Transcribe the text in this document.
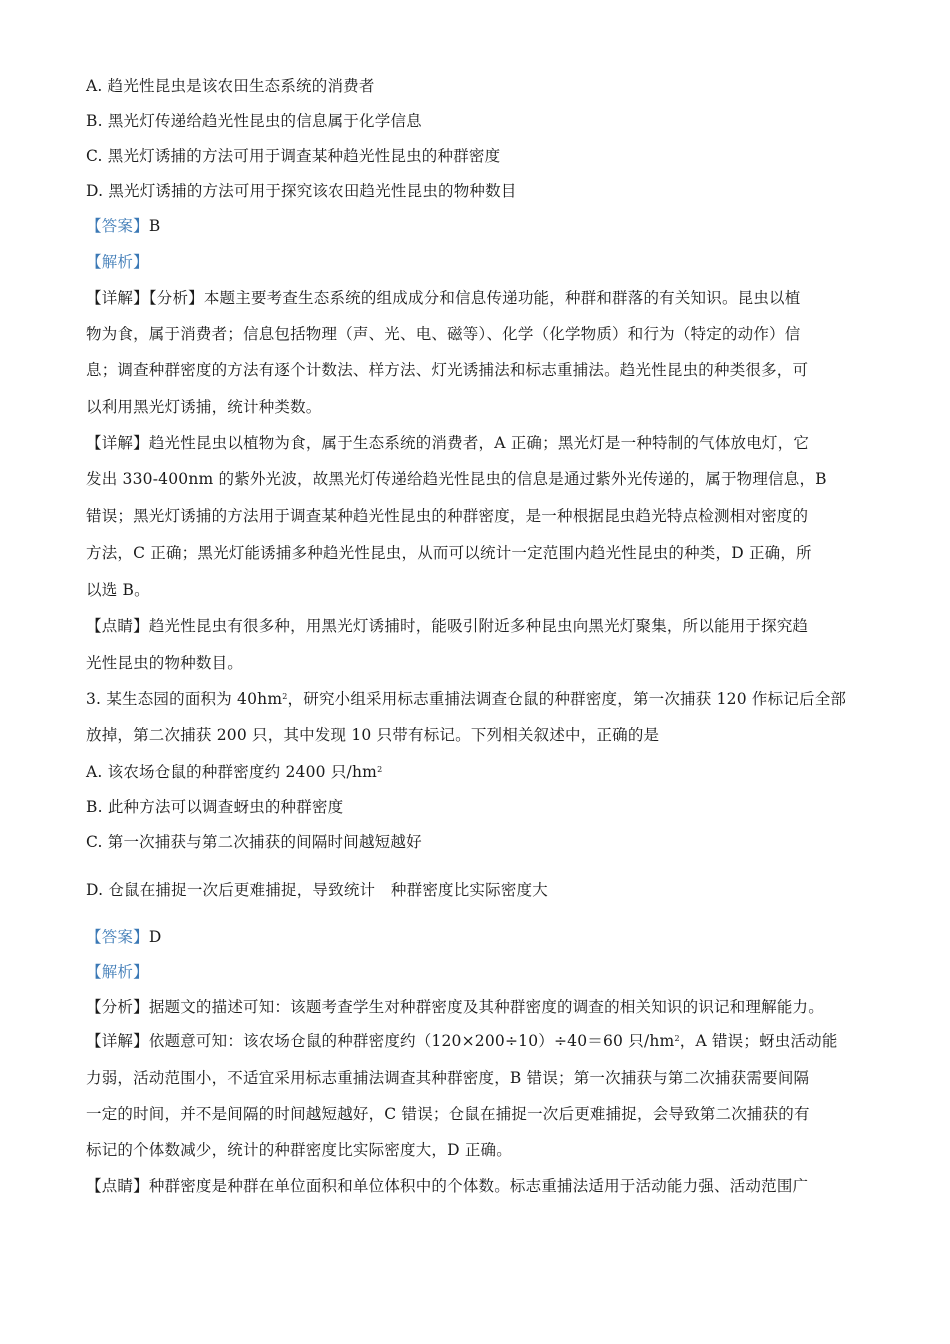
A. 趋光性昆虫是该农田生态系统的消费者
B. 黑光灯传递给趋光性昆虫的信息属于化学信息
C. 黑光灯诱捕的方法可用于调查某种趋光性昆虫的种群密度
D. 黑光灯诱捕的方法可用于探究该农田趋光性昆虫的物种数目
【答案】B
【解析】
【详解】【分析】本题主要考查生态系统的组成成分和信息传递功能，种群和群落的有关知识。昆虫以植
物为食，属于消费者；信息包括物理（声、光、电、磁等）、化学（化学物质）和行为（特定的动作）信
息；调查种群密度的方法有逐个计数法、样方法、灯光诱捕法和标志重捕法。趋光性昆虫的种类很多，可
以利用黑光灯诱捕，统计种类数。
【详解】趋光性昆虫以植物为食，属于生态系统的消费者，A 正确；黑光灯是一种特制的气体放电灯，它
发出 330-400nm 的紫外光波，故黑光灯传递给趋光性昆虫的信息是通过紫外光传递的，属于物理信息，B
错误；黑光灯诱捕的方法用于调查某种趋光性昆虫的种群密度，是一种根据昆虫趋光特点检测相对密度的
方法，C 正确；黑光灯能诱捕多种趋光性昆虫，从而可以统计一定范围内趋光性昆虫的种类，D 正确，所
以选 B。
【点睛】趋光性昆虫有很多种，用黑光灯诱捕时，能吸引附近多种昆虫向黑光灯聚集，所以能用于探究趋
光性昆虫的物种数目。
3. 某生态园的面积为 $40hm^2$，研究小组采用标志重捕法调查仓鼠的种群密度，第一次捕获 120 作标记后全部
放掉，第二次捕获 200 只，其中发现 10 只带有标记。下列相关叙述中，正确的是
A. 该农场仓鼠的种群密度约 2400 只$/hm^2$
B. 此种方法可以调查蚜虫的种群密度
C. 第一次捕获与第二次捕获的间隔时间越短越好
D. 仓鼠在捕捉一次后更难捕捉，导致统计　种群密度比实际密度大
【答案】D
【解析】
【分析】据题文的描述可知：该题考查学生对种群密度及其种群密度的调查的相关知识的识记和理解能力。
【详解】依题意可知：该农场仓鼠的种群密度约（120×200÷10）÷40＝60 只$/hm^2$，A 错误；蚜虫活动能
力弱，活动范围小，不适宜采用标志重捕法调查其种群密度，B 错误；第一次捕获与第二次捕获需要间隔
一定的时间，并不是间隔的时间越短越好，C 错误；仓鼠在捕捉一次后更难捕捉，会导致第二次捕获的有
标记的个体数减少，统计的种群密度比实际密度大，D 正确。
【点睛】种群密度是种群在单位面积和单位体积中的个体数。标志重捕法适用于活动能力强、活动范围广
